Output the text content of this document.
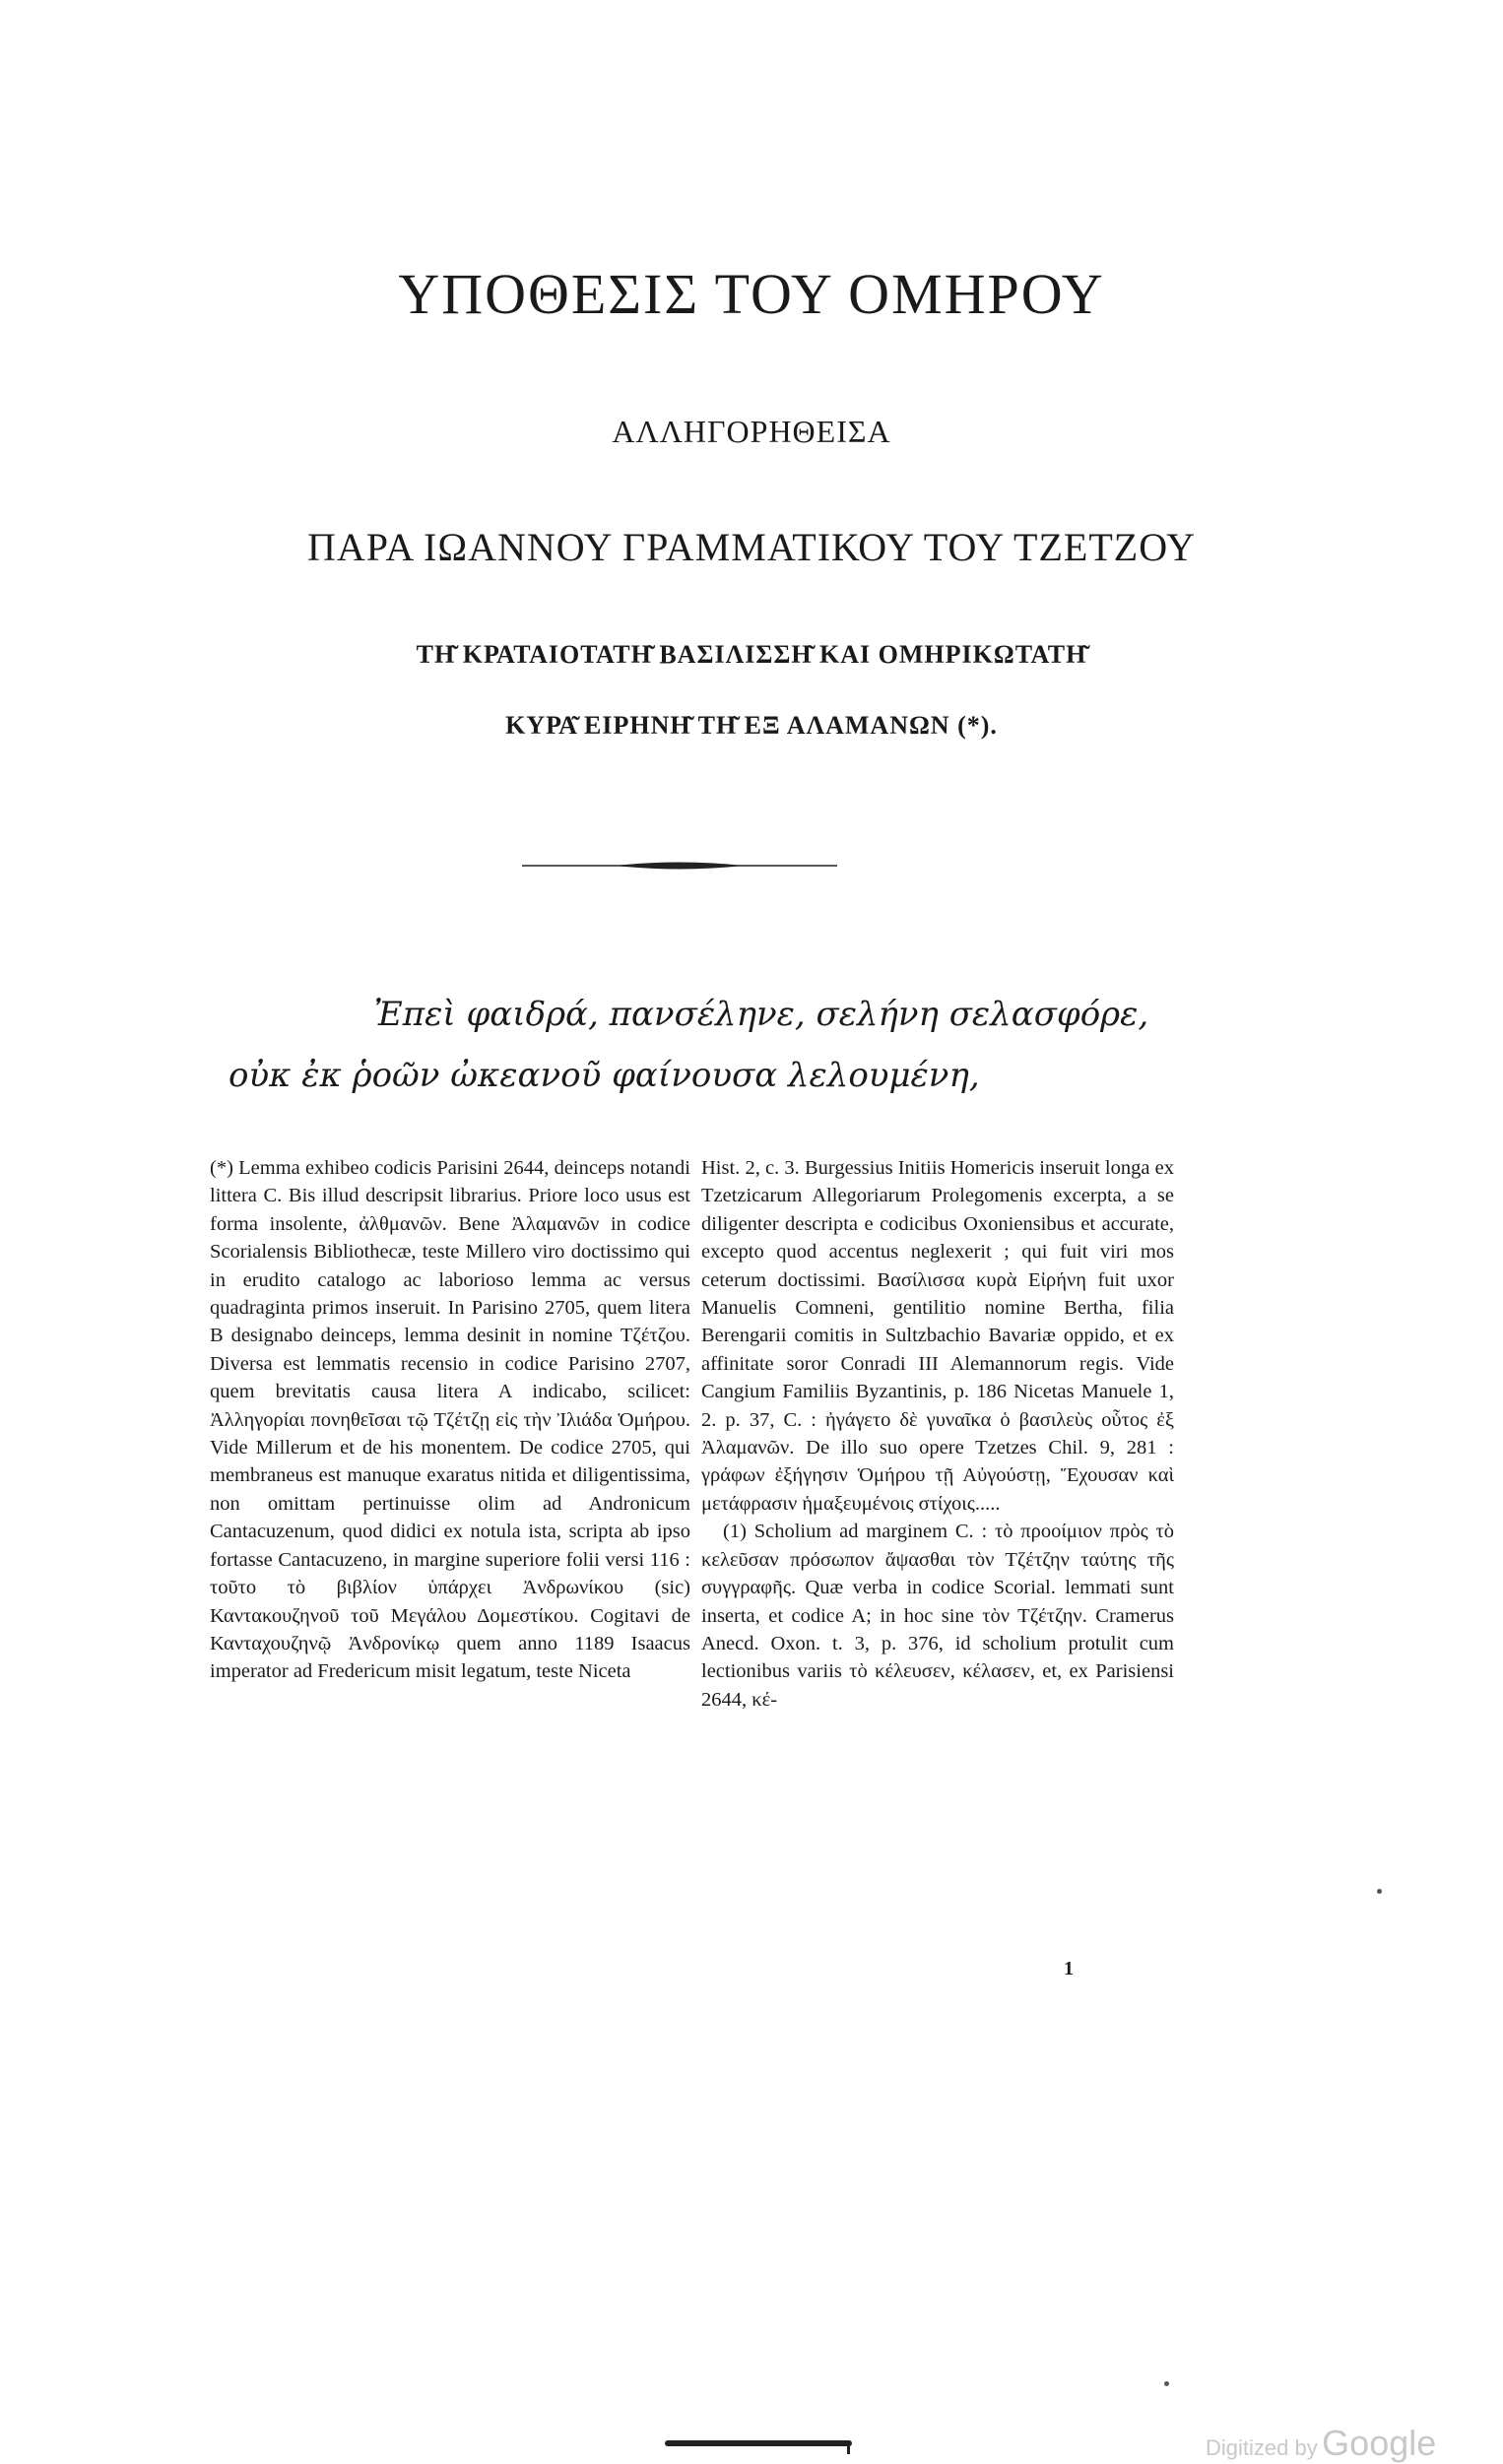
ΥΠΟΘΕΣΙΣ ΤΟΥ ΟΜΗΡΟΥ
ΑΛΛΗΓΟΡΗΘΕΙΣΑ
ΠΑΡΑ ΙΩΑΝΝΟΥ ΓΡΑΜΜΑΤΙΚΟΥ ΤΟΥ ΤΖΕΤΖΟΥ
ΤΗ͂ ΚΡΑΤΑΙΟΤΑΤΗ͂ ΒΑΣΙΛΙΣΣΗ͂ ΚΑΙ ΟΜΗΡΙΚΩΤΑΤΗ͂
ΚΥΡΑ͂ ΕΙΡΗΝΗ͂ ΤΗ͂ ΕΞ ΑΛΑΜΑΝΩΝ (*).
Ἐπεὶ φαιδρά, πανσέληνε, σελήνη σελασφόρε,
οὐκ ἐκ ῥοῶν ὠκεανοῦ φαίνουσα λελουμένη,

(*) Lemma exhibeo codicis Parisini 2644, deinceps notandi littera C. Bis illud descripsit librarius. Priore loco usus est forma insolente, ἀλθμανῶν. Bene Ἀλαμανῶν in codice Scorialensis Bibliothecæ, teste Millero viro doctissimo qui in erudito catalogo ac laborioso lemma ac versus quadraginta primos inseruit. In Parisino 2705, quem litera B designabo deinceps, lemma desinit in nomine Τζέτζου. Diversa est lemmatis recensio in codice Parisino 2707, quem brevitatis causa litera A indicabo, scilicet: Ἀλληγορίαι πονηθεῖσαι τῷ Τζέτζῃ εἰς τὴν Ἰλιάδα Ὁμήρου. Vide Millerum et de his monentem. De codice 2705, qui membraneus est manuque exaratus nitida et diligentissima, non omittam pertinuisse olim ad Andronicum Cantacuzenum, quod didici ex notula ista, scripta ab ipso fortasse Cantacuzeno, in margine superiore folii versi 116 : τοῦτο τὸ βιβλίον ὑπάρχει Ἀνδρωνίκου (sic) Καντακουζηνοῦ τοῦ Μεγάλου Δομεστίκου. Cogitavi de Κανταχουζηνῷ Ἀνδρονίκῳ quem anno 1189 Isaacus imperator ad Fredericum misit legatum, teste Niceta

Hist. 2, c. 3. Burgessius Initiis Homericis inseruit longa ex Tzetzicarum Allegoriarum Prolegomenis excerpta, a se diligenter descripta e codicibus Oxoniensibus et accurate, excepto quod accentus neglexerit ; qui fuit viri mos ceterum doctissimi. Βασίλισσα κυρὰ Εἰρήνη fuit uxor Manuelis Comneni, gentilitio nomine Bertha, filia Berengarii comitis in Sultzbachio Bavariæ oppido, et ex affinitate soror Conradi III Alemannorum regis. Vide Cangium Familiis Byzantinis, p. 186 Nicetas Manuele 1, 2. p. 37, C. : ἠγάγετο δὲ γυναῖκα ὁ βασιλεὺς οὗτος ἐξ Ἀλαμανῶν. De illo suo opere Tzetzes Chil. 9, 281 : γράφων ἐξήγησιν Ὁμήρου τῇ Αὐγούστῃ, Ἔχουσαν καὶ μετάφρασιν ἡμαξευμένοις στίχοις.....

(1) Scholium ad marginem C. : τὸ προοίμιον πρὸς τὸ κελεῦσαν πρόσωπον ἄψασθαι τὸν Τζέτζην ταύτης τῆς συγγραφῆς. Quæ verba in codice Scorial. lemmati sunt inserta, et codice A; in hoc sine τὸν Τζέτζην. Cramerus Anecd. Oxon. t. 3, p. 376, id scholium protulit cum lectionibus variis τὸ κέλευσεν, κέλασεν, et, ex Parisiensi 2644, κέ-

1
Digitized by Google
